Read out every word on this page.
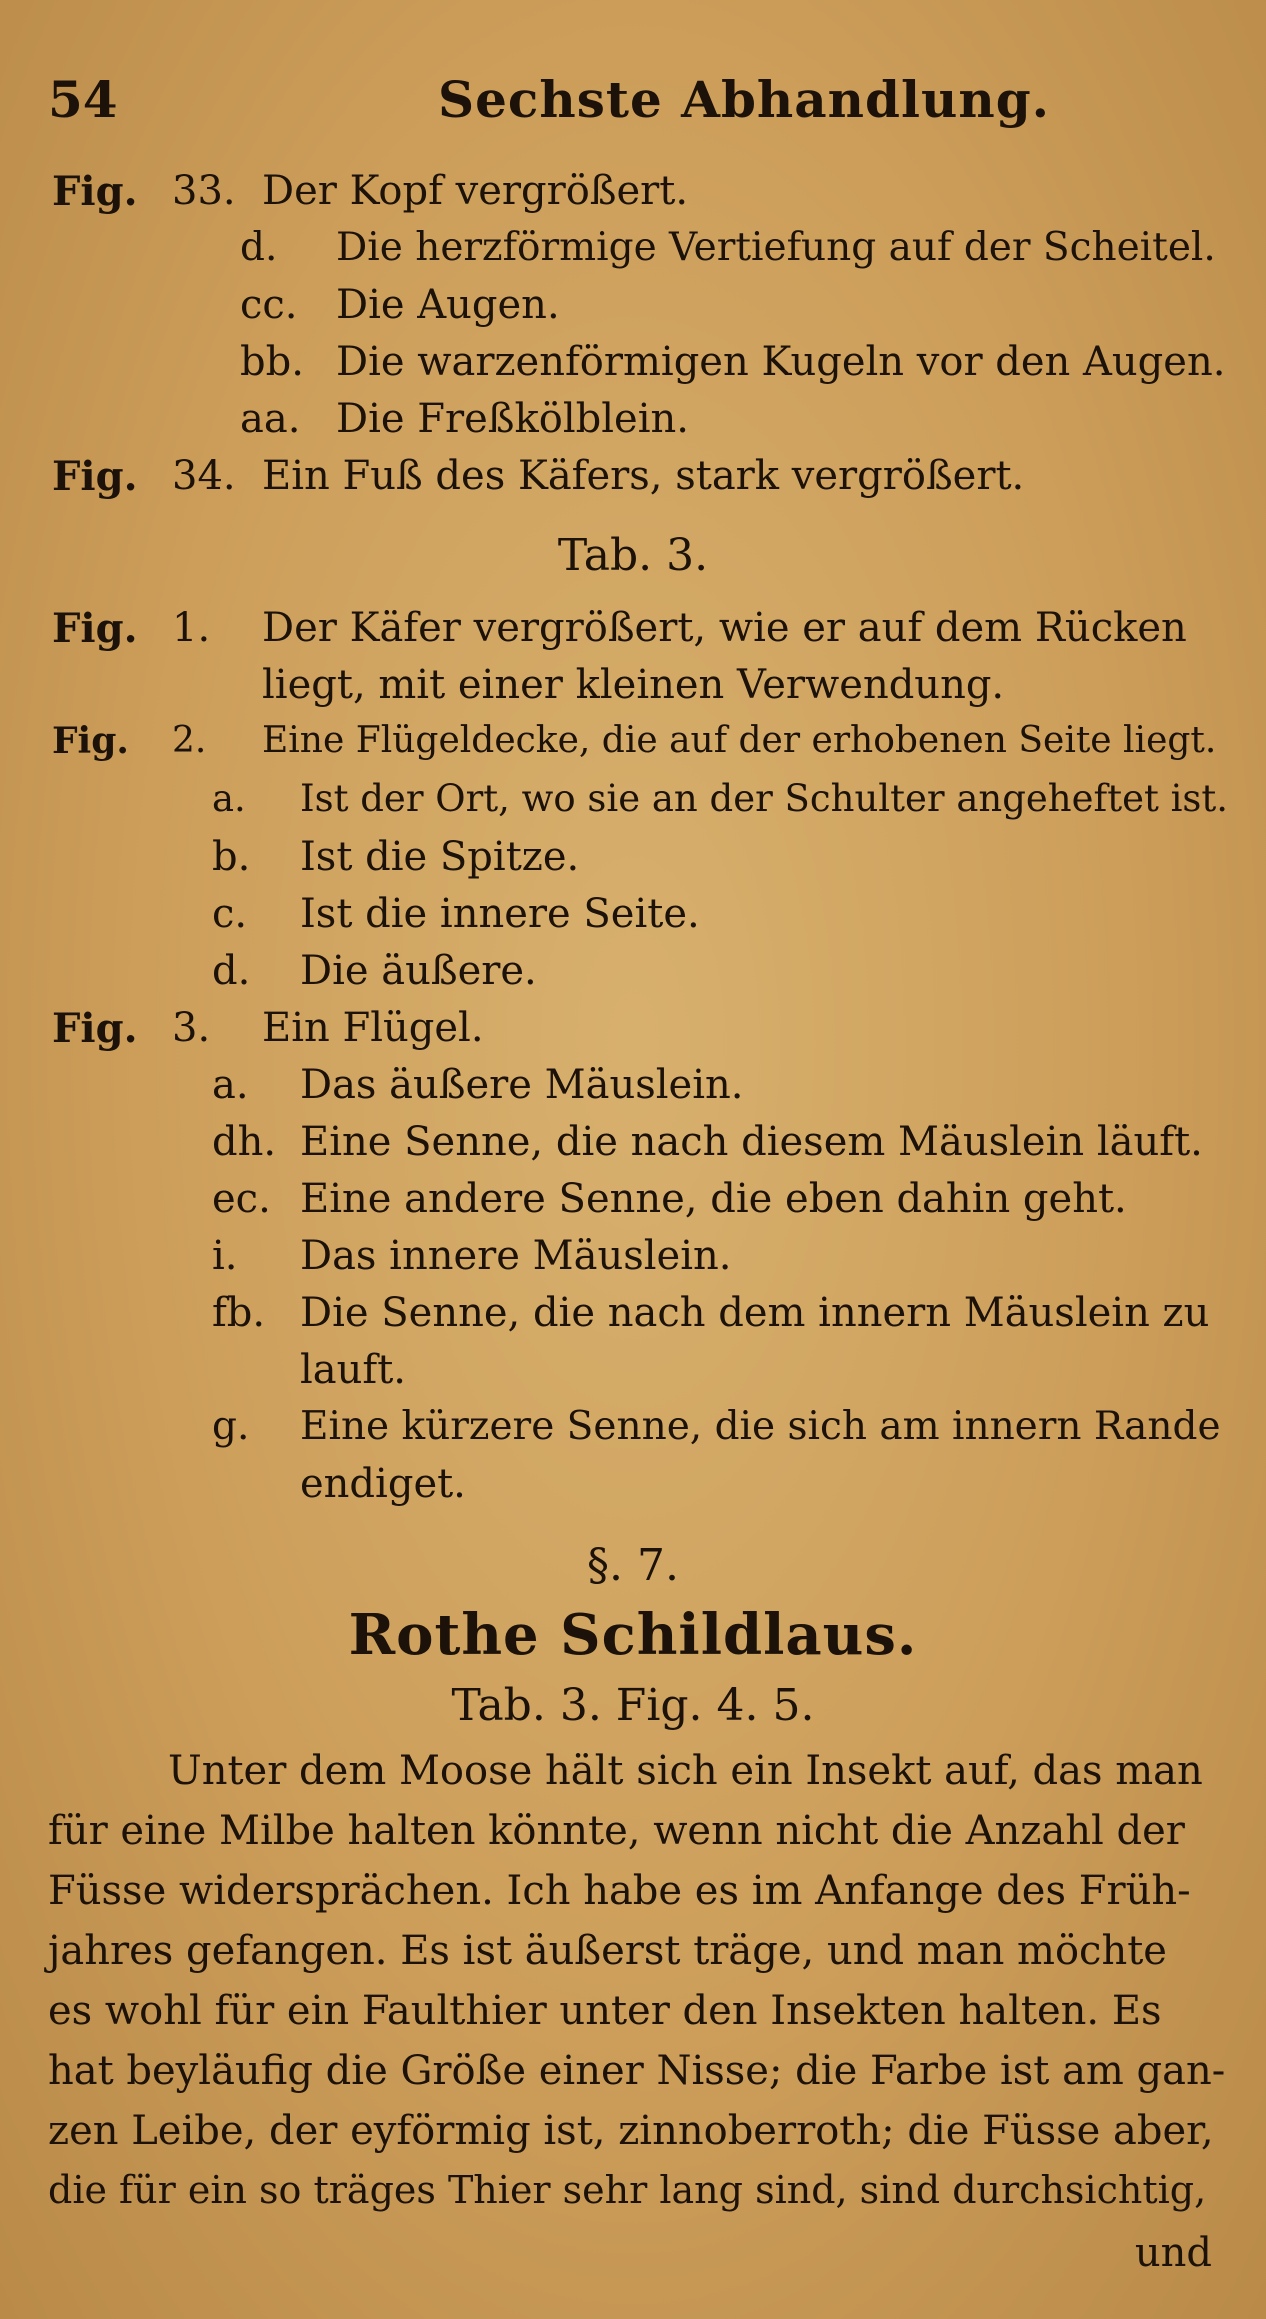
54	Sechste Abhandlung.
Fig. 33. Der Kopf vergrößert.
d. Die herzförmige Vertiefung auf der Scheitel.
cc. Die Augen.
bb. Die warzenförmigen Kugeln vor den Augen.
aa. Die Freßkölblein.
Fig. 34. Ein Fuß des Käfers, stark vergrößert.
Tab. 3.
Fig. 1. Der Käfer vergrößert, wie er auf dem Rücken
liegt, mit einer kleinen Verwendung.
Fig. 2. Eine Flügeldecke, die auf der erhobenen Seite liegt.
a. Ist der Ort, wo sie an der Schulter angeheftet ist.
b. Ist die Spitze.
c. Ist die innere Seite.
d. Die äußere.
Fig. 3. Ein Flügel.
a. Das äußere Mäuslein.
dh. Eine Senne, die nach diesem Mäuslein läuft.
ec. Eine andere Senne, die eben dahin geht.
i. Das innere Mäuslein.
fb. Die Senne, die nach dem innern Mäuslein zu
lauft.
g. Eine kürzere Senne, die sich am innern Rande
endiget.
§. 7.
Rothe Schildlaus.
Tab. 3. Fig. 4. 5.
Unter dem Moose hält sich ein Insekt auf, das man
für eine Milbe halten könnte, wenn nicht die Anzahl der
Füsse widersprächen. Ich habe es im Anfange des Früh-
jahres gefangen. Es ist äußerst träge, und man möchte
es wohl für ein Faulthier unter den Insekten halten. Es
hat beyläufig die Größe einer Nisse; die Farbe ist am gan-
zen Leibe, der eyförmig ist, zinnoberroth; die Füsse aber,
die für ein so träges Thier sehr lang sind, sind durchsichtig,
und
